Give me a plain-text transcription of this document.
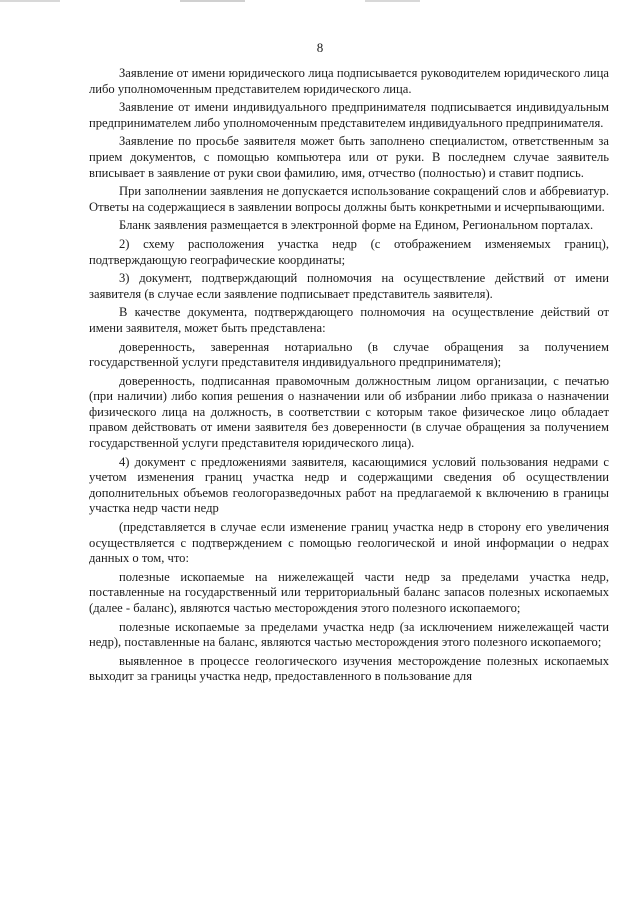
8

Заявление от имени юридического лица подписывается руководителем юридического лица либо уполномоченным представителем юридического лица.

Заявление от имени индивидуального предпринимателя подписывается индивидуальным предпринимателем либо уполномоченным представителем индивидуального предпринимателя.

Заявление по просьбе заявителя может быть заполнено специалистом, ответственным за прием документов, с помощью компьютера или от руки. В последнем случае заявитель вписывает в заявление от руки свои фамилию, имя, отчество (полностью) и ставит подпись.

При заполнении заявления не допускается использование сокращений слов и аббревиатур. Ответы на содержащиеся в заявлении вопросы должны быть конкретными и исчерпывающими.

Бланк заявления размещается в электронной форме на Едином, Региональном порталах.

2) схему расположения участка недр (с отображением изменяемых границ), подтверждающую географические координаты;

3) документ, подтверждающий полномочия на осуществление действий от имени заявителя (в случае если заявление подписывает представитель заявителя).

В качестве документа, подтверждающего полномочия на осуществление действий от имени заявителя, может быть представлена:

доверенность, заверенная нотариально (в случае обращения за получением государственной услуги представителя индивидуального предпринимателя);

доверенность, подписанная правомочным должностным лицом организации, с печатью (при наличии) либо копия решения о назначении или об избрании либо приказа о назначении физического лица на должность, в соответствии с которым такое физическое лицо обладает правом действовать от имени заявителя без доверенности (в случае обращения за получением государственной услуги представителя юридического лица).

4) документ с предложениями заявителя, касающимися условий пользования недрами с учетом изменения границ участка недр и содержащими сведения об осуществлении дополнительных объемов геологоразведочных работ на предлагаемой к включению в границы участка недр части недр

(представляется в случае если изменение границ участка недр в сторону его увеличения осуществляется с подтверждением с помощью геологической и иной информации о недрах данных о том, что:

полезные ископаемые на нижележащей части недр за пределами участка недр, поставленные на государственный или территориальный баланс запасов полезных ископаемых (далее - баланс), являются частью месторождения этого полезного ископаемого;

полезные ископаемые за пределами участка недр (за исключением нижележащей части недр), поставленные на баланс, являются частью месторождения этого полезного ископаемого;

выявленное в процессе геологического изучения месторождение полезных ископаемых выходит за границы участка недр, предоставленного в пользование для
